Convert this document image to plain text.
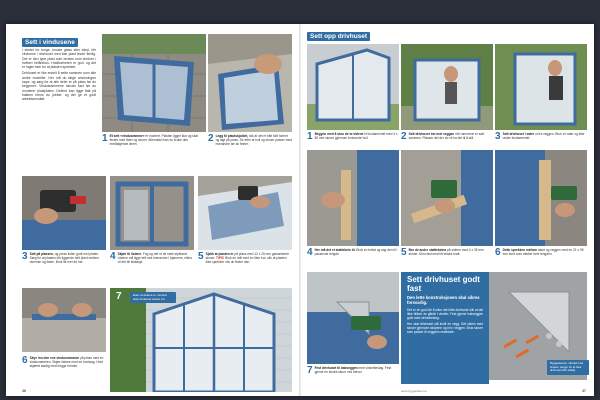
Sett i vindusene

I stedet for tunge, knuste glass eller akryl, blir vinduene i drivhuset med klar plast levert ferdig. Det er den type plast som brukes som vinduer i hvilken helårshus. Holdbarheten er god, og det er ingen fare for at plasten sprekker.

Drivhuset er like enkelt å sette sammen som alle andre modeller. Her må du følge anvisningen nøye, og sørg for at alle deler er på plass før du begynner. Vindusrammene skrues fast før du monterer plastplaten. Delene kan ligge flatt på bakken mens du jobber, og det gir et godt arbeidsresultat.

1 Et sett «vindusramme» er montert. Plasten ligger klar og skal festes med lister og skruer. Alternativt kan du bruke den medfølgende limen.	2 Legg til plastskjoldet, slik at det er blitt fullt formet og lagt på plass. Se etter at hull og skruer passer med hverandre før du fester.
3 Sett på plassen, og press listen godt mot platen. Sørg for at plasten blir liggende helt plant mellom rammen og listen. Bruk litt mer tid her.	4 Skjær til listene. Fog og rett ut de siste stykkene. Listene må ligge tett mot hverandre i hjørnene, ellers vil det bli lekkasje.	5 Sjekk at plasten er på plass med 12 x 25 mm galvaniserte skruer. TIPS! Bruk en drill med en liten bor, slik at plasten ikke sprekker når du fester den.
6 Skyv inn den ene vindusrammen på plass med en vindusrammen. Skjær listene med en bordsag. Hold skjæret stødig med begge hender.
7	Etter at delene er montert skal vinduene settes inn
36
Sett opp drivhuset
1 Begynn med å skru de to sidene til fundamentet med 4 x 50 mm skruer gjennom forborede hull.	2 Sett drivhuset inn mot veggen når rammene er satt sammen. Plasser det der du vil ha det til å stå.	3 Sett drivhuset i vater ut fra veggen. Bruk et vater og kiler under fundamentet.
4 Her må det et støttebein til. Bruk en trelist og sag den til i passende lengde.	5 Bor de andre støttebeina på sidene med 4 x 35 mm skruer. Skru fast med litt ekstra kraft.	6 Dekk sprekken mellom taket og veggen med en 21 x 95 mm bord som dekker hele lengden.
7 Fest drivhuset til bakveggen med vinkelbeslag. Fest gjerne en ekstra skrue ved behov.
Sett drivhuset godt fast
Den lette konstruksjonen skal sikres forsvarlig.

Det er en god idé å sikre det lette drivhuset slik at det ikke blåser av gårde i vinden. Fest gjerne bakveggen godt med vinkelbeslag.

Her skal drivhuset stå inntil en vegg. Det sikres med skruer gjennom stolpene og inn i veggen. Bruk skruer som passer til veggens materiale.

Byggesteinen, skrudd med festeet, sørger for at hele drivhuset står stødig.
www.byggeideer.no	37
